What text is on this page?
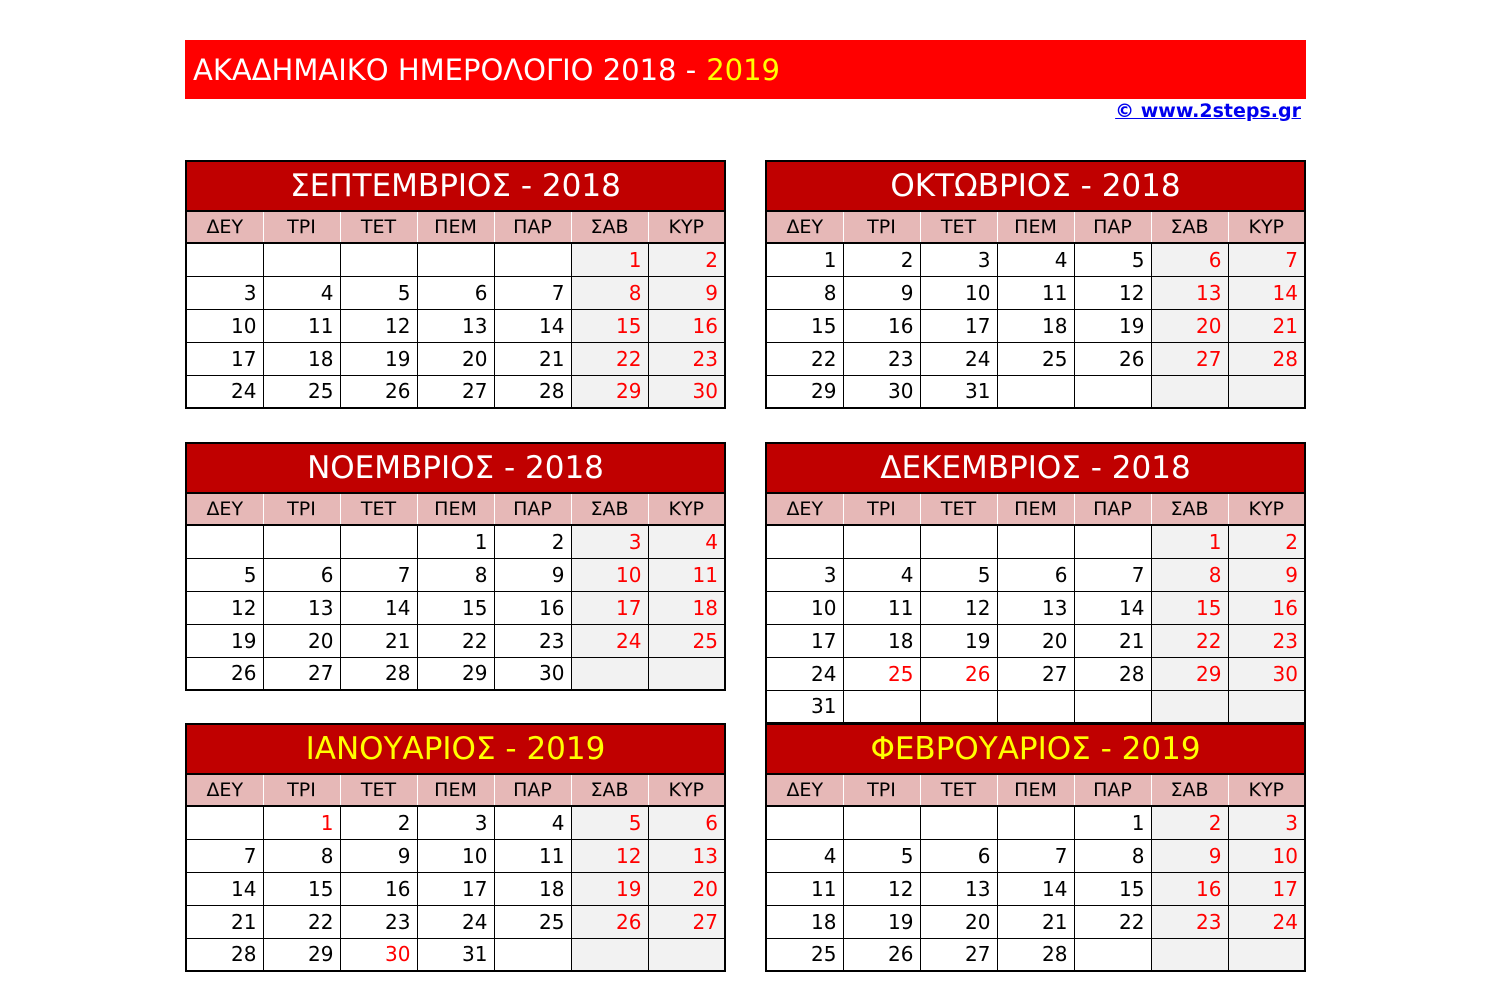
ΑΚΑΔΗΜΑΙΚΟ ΗΜΕΡΟΛΟΓΙΟ 2018 - 2019
© www.2steps.gr
ΣΕΠΤΕΜΒΡΙΟΣ - 2018						
ΔΕΥ	ΤΡΙ	ΤΕΤ	ΠΕΜ	ΠΑΡ	ΣΑΒ	ΚΥΡ
					1	2
3	4	5	6	7	8	9
10	11	12	13	14	15	16
17	18	19	20	21	22	23
24	25	26	27	28	29	30
ΟΚΤΩΒΡΙΟΣ - 2018						
ΔΕΥ	ΤΡΙ	ΤΕΤ	ΠΕΜ	ΠΑΡ	ΣΑΒ	ΚΥΡ
1	2	3	4	5	6	7
8	9	10	11	12	13	14
15	16	17	18	19	20	21
22	23	24	25	26	27	28
29	30	31				
ΝΟΕΜΒΡΙΟΣ - 2018						
ΔΕΥ	ΤΡΙ	ΤΕΤ	ΠΕΜ	ΠΑΡ	ΣΑΒ	ΚΥΡ
			1	2	3	4
5	6	7	8	9	10	11
12	13	14	15	16	17	18
19	20	21	22	23	24	25
26	27	28	29	30		
ΔΕΚΕΜΒΡΙΟΣ - 2018						
ΔΕΥ	ΤΡΙ	ΤΕΤ	ΠΕΜ	ΠΑΡ	ΣΑΒ	ΚΥΡ
					1	2
3	4	5	6	7	8	9
10	11	12	13	14	15	16
17	18	19	20	21	22	23
24	25	26	27	28	29	30
31						
ΙΑΝΟΥΑΡΙΟΣ - 2019						
ΔΕΥ	ΤΡΙ	ΤΕΤ	ΠΕΜ	ΠΑΡ	ΣΑΒ	ΚΥΡ
	1	2	3	4	5	6
7	8	9	10	11	12	13
14	15	16	17	18	19	20
21	22	23	24	25	26	27
28	29	30	31			
ΦΕΒΡΟΥΑΡΙΟΣ - 2019						
ΔΕΥ	ΤΡΙ	ΤΕΤ	ΠΕΜ	ΠΑΡ	ΣΑΒ	ΚΥΡ
				1	2	3
4	5	6	7	8	9	10
11	12	13	14	15	16	17
18	19	20	21	22	23	24
25	26	27	28			
